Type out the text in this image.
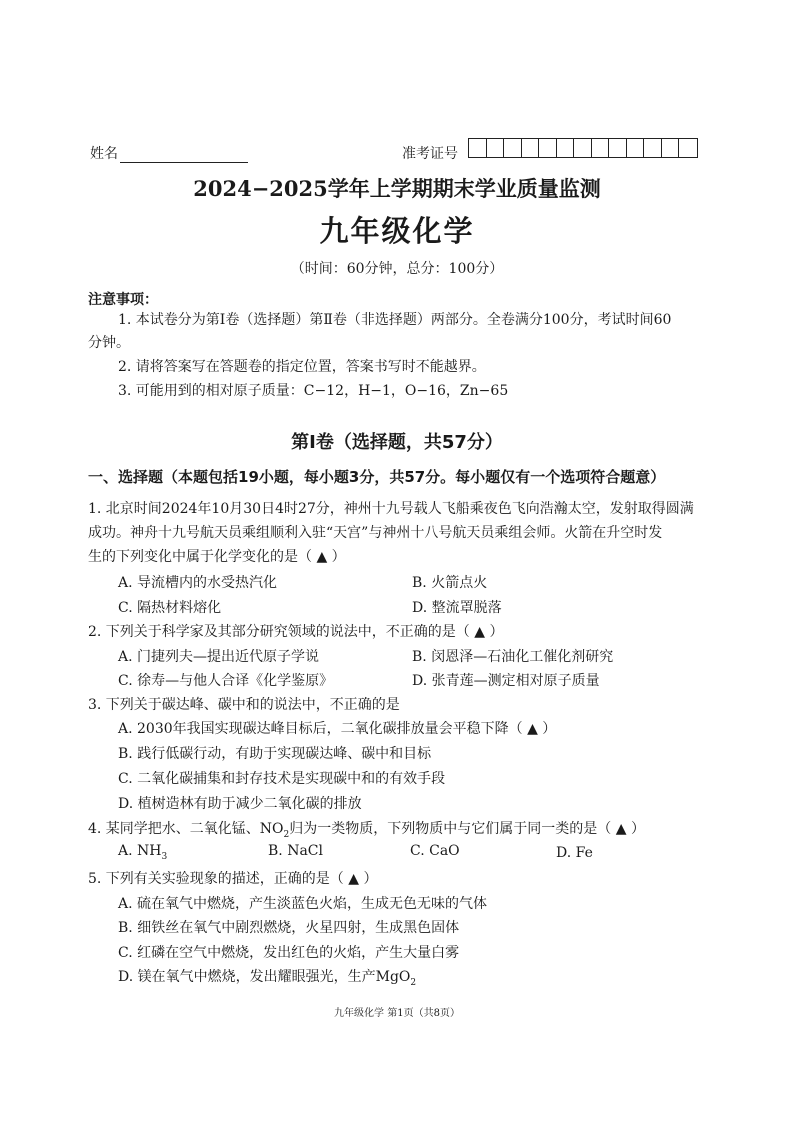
姓名	准考证号
2024−2025学年上学期期末学业质量监测
九年级化学
（时间：60分钟，总分：100分）
注意事项：
1. 本试卷分为第Ⅰ卷（选择题）第Ⅱ卷（非选择题）两部分。全卷满分100分，考试时间60
分钟。
2. 请将答案写在答题卷的指定位置，答案书写时不能越界。
3. 可能用到的相对原子质量：C−12，H−1，O−16，Zn−65
第Ⅰ卷（选择题，共57分）
一、选择题（本题包括19小题，每小题3分，共57分。每小题仅有一个选项符合题意）
1. 北京时间2024年10月30日4时27分，神州十九号载人飞船乘夜色飞向浩瀚太空，发射取得圆满
成功。神舟十九号航天员乘组顺利入驻“天宫”与神州十八号航天员乘组会师。火箭在升空时发
生的下列变化中属于化学变化的是（ ▲ ）
A. 导流槽内的水受热汽化	B. 火箭点火
C. 隔热材料熔化	D. 整流罩脱落
2. 下列关于科学家及其部分研究领域的说法中，不正确的是（ ▲ ）
A. 门捷列夫—提出近代原子学说	B. 闵恩泽—石油化工催化剂研究
C. 徐寿—与他人合译《化学鉴原》	D. 张青莲—测定相对原子质量
3. 下列关于碳达峰、碳中和的说法中，不正确的是
A. 2030年我国实现碳达峰目标后，二氧化碳排放量会平稳下降（ ▲ ）
B. 践行低碳行动，有助于实现碳达峰、碳中和目标
C. 二氧化碳捕集和封存技术是实现碳中和的有效手段
D. 植树造林有助于减少二氧化碳的排放
4. 某同学把水、二氧化锰、$NO_2$归为一类物质，下列物质中与它们属于同一类的是（ ▲ ）
A. $NH_3$	B. NaCl	C. CaO	D. Fe
5. 下列有关实验现象的描述，正确的是（ ▲ ）
A. 硫在氧气中燃烧，产生淡蓝色火焰，生成无色无味的气体
B. 细铁丝在氧气中剧烈燃烧，火星四射，生成黑色固体
C. 红磷在空气中燃烧，发出红色的火焰，产生大量白雾
D. 镁在氧气中燃烧，发出耀眼强光，生产MgO$_2$
九年级化学 第1页（共8页）
